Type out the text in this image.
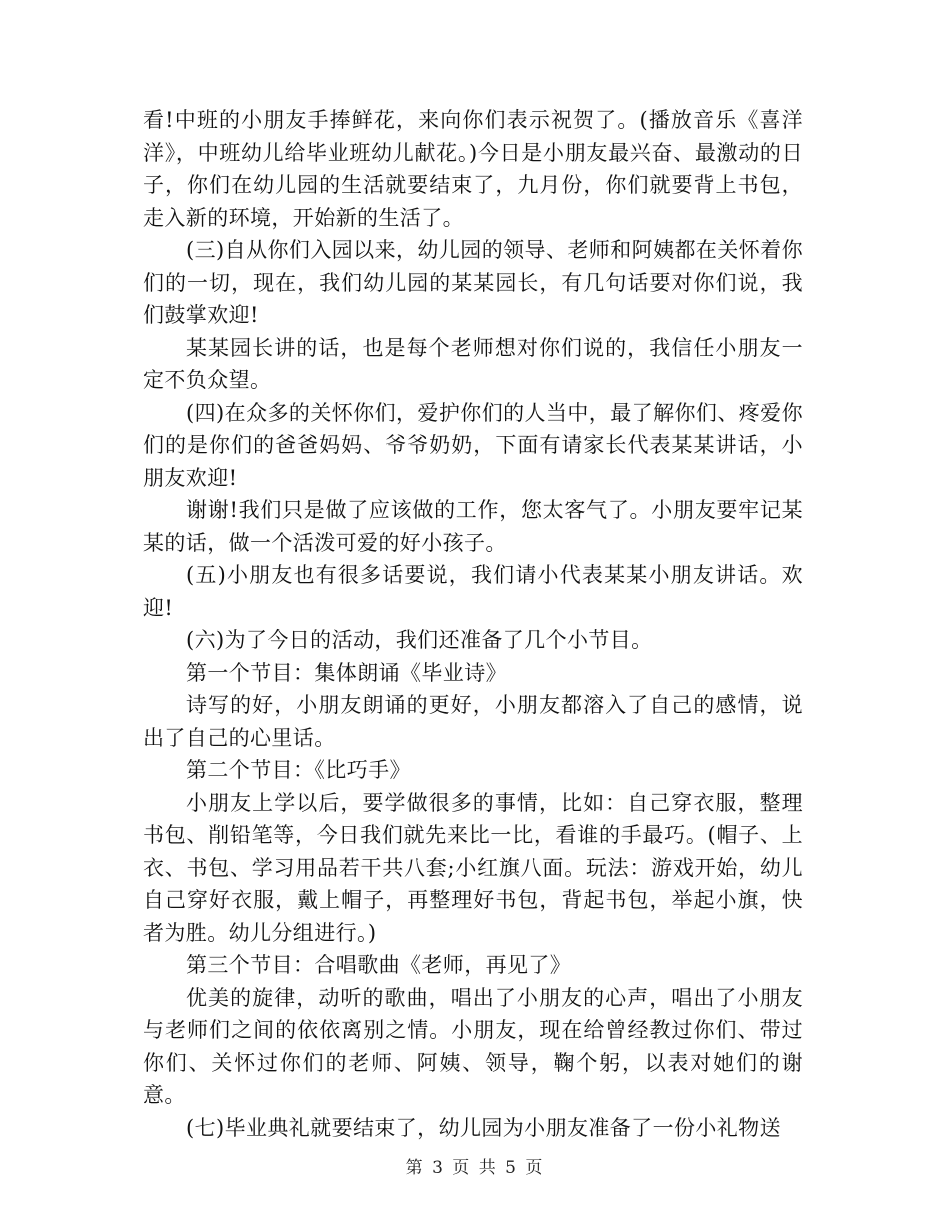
看!中班的小朋友手捧鲜花，来向你们表示祝贺了。(播放音乐《喜洋洋》，中班幼儿给毕业班幼儿献花。)今日是小朋友最兴奋、最激动的日子，你们在幼儿园的生活就要结束了，九月份，你们就要背上书包，走入新的环境，开始新的生活了。

(三)自从你们入园以来，幼儿园的领导、老师和阿姨都在关怀着你们的一切，现在，我们幼儿园的某某园长，有几句话要对你们说，我们鼓掌欢迎!

某某园长讲的话，也是每个老师想对你们说的，我信任小朋友一定不负众望。

(四)在众多的关怀你们，爱护你们的人当中，最了解你们、疼爱你们的是你们的爸爸妈妈、爷爷奶奶，下面有请家长代表某某讲话，小朋友欢迎!

谢谢!我们只是做了应该做的工作，您太客气了。小朋友要牢记某某的话，做一个活泼可爱的好小孩子。

(五)小朋友也有很多话要说，我们请小代表某某小朋友讲话。欢迎!

(六)为了今日的活动，我们还准备了几个小节目。

第一个节目：集体朗诵《毕业诗》

诗写的好，小朋友朗诵的更好，小朋友都溶入了自己的感情，说出了自己的心里话。

第二个节目：《比巧手》

小朋友上学以后，要学做很多的事情，比如：自己穿衣服，整理书包、削铅笔等，今日我们就先来比一比，看谁的手最巧。(帽子、上衣、书包、学习用品若干共八套;小红旗八面。玩法：游戏开始，幼儿自己穿好衣服，戴上帽子，再整理好书包，背起书包，举起小旗，快者为胜。幼儿分组进行。)

第三个节目：合唱歌曲《老师，再见了》

优美的旋律，动听的歌曲，唱出了小朋友的心声，唱出了小朋友与老师们之间的依依离别之情。小朋友，现在给曾经教过你们、带过你们、关怀过你们的老师、阿姨、领导，鞠个躬，以表对她们的谢意。

(七)毕业典礼就要结束了，幼儿园为小朋友准备了一份小礼物送

第 3 页 共 5 页
